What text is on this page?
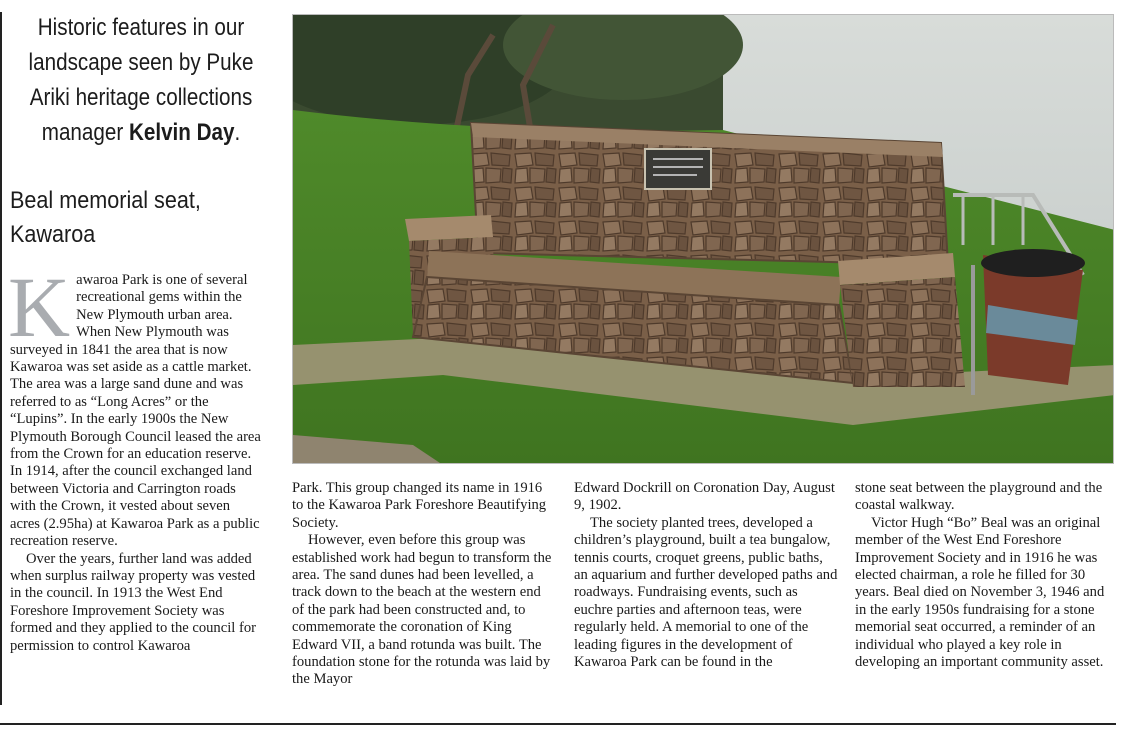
Historic features in our
landscape seen by Puke
Ariki heritage collections
manager Kelvin Day.
Beal memorial seat,
Kawaroa

Kawaroa Park is one of several recreational gems within the New Plymouth urban area. When New Plymouth was surveyed in 1841 the area that is now Kawaroa was set aside as a cattle market. The area was a large sand dune and was referred to as “Long Acres” or the “Lupins”. In the early 1900s the New Plymouth Borough Council leased the area from the Crown for an education reserve. In 1914, after the council exchanged land between Victoria and Carrington roads with the Crown, it vested about seven acres (2.95ha) at Kawaroa Park as a public recreation reserve.

Over the years, further land was added when surplus railway property was vested in the council. In 1913 the West End Foreshore Improvement Society was formed and they applied to the council for permission to control Kawaroa

Park. This group changed its name in 1916 to the Kawaroa Park Foreshore Beautifying Society.

However, even before this group was established work had begun to transform the area. The sand dunes had been levelled, a track down to the beach at the western end of the park had been constructed and, to commemorate the coronation of King Edward VII, a band rotunda was built. The foundation stone for the rotunda was laid by the Mayor

Edward Dockrill on Coronation Day, August 9, 1902.

The society planted trees, developed a children’s playground, built a tea bungalow, tennis courts, croquet greens, public baths, an aquarium and further developed paths and roadways. Fundraising events, such as euchre parties and afternoon teas, were regularly held. A memorial to one of the leading figures in the development of Kawaroa Park can be found in the

stone seat between the playground and the coastal walkway.

Victor Hugh “Bo” Beal was an original member of the West End Foreshore Improvement Society and in 1916 he was elected chairman, a role he filled for 30 years. Beal died on November 3, 1946 and in the early 1950s fundraising for a stone memorial seat occurred, a reminder of an individual who played a key role in developing an important community asset.
